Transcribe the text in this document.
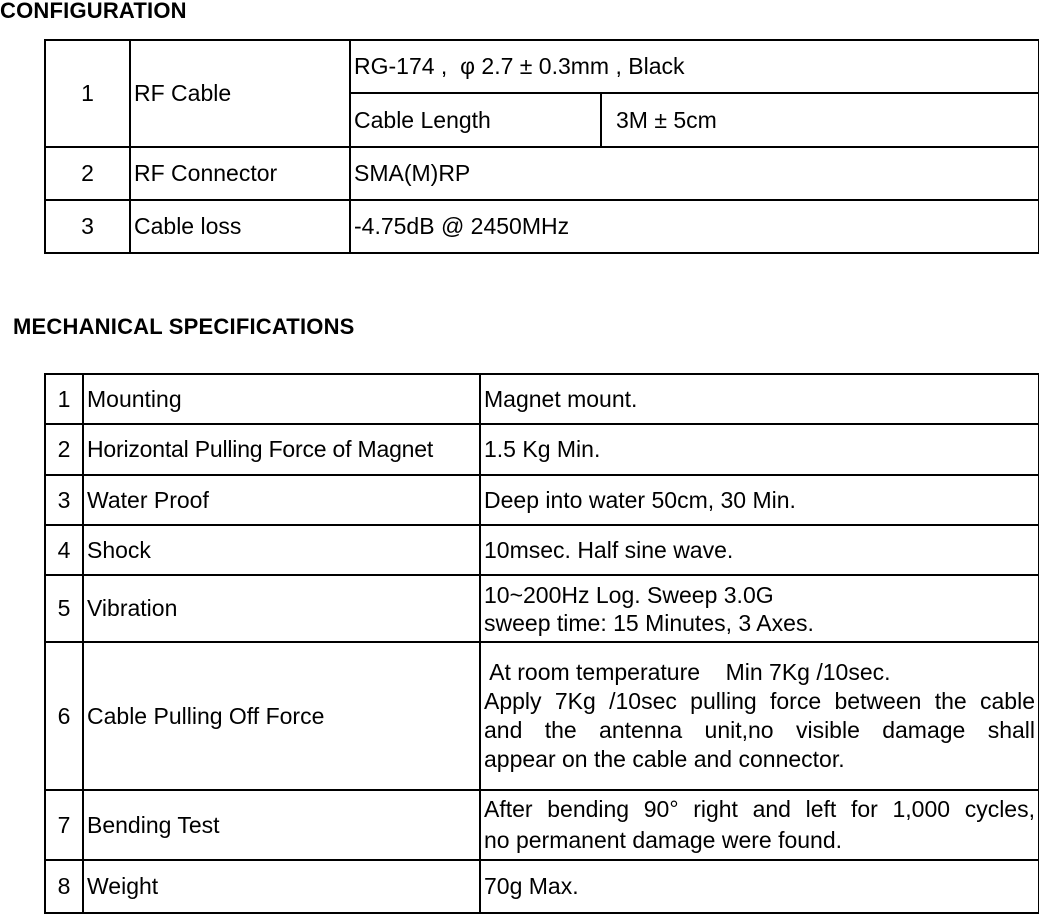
CONFIGURATION
1	RF Cable	RG-174 ,  φ 2.7 ± 0.3mm , Black	
		Cable Length	3M ± 5cm
2	RF Connector	SMA(M)RP	
3	Cable loss	-4.75dB @ 2450MHz	
MECHANICAL SPECIFICATIONS
1	Mounting	Magnet mount.

2	Horizontal Pulling Force of Magnet	1.5 Kg Min.

3	Water Proof	Deep into water 50cm, 30 Min.

4	Shock	10msec. Half sine wave.

5	Vibration	10~200Hz Log. Sweep 3.0G
sweep time: 15 Minutes, 3 Axes.

6	Cable Pulling Off Force	At room temperature    Min 7Kg /10sec.
Apply 7Kg /10sec pulling force between the cable
and the antenna unit,no visible damage shall
appear on the cable and connector.

7	Bending Test	After bending 90° right and left for 1,000 cycles,
no permanent damage were found.

8	Weight	70g Max.
